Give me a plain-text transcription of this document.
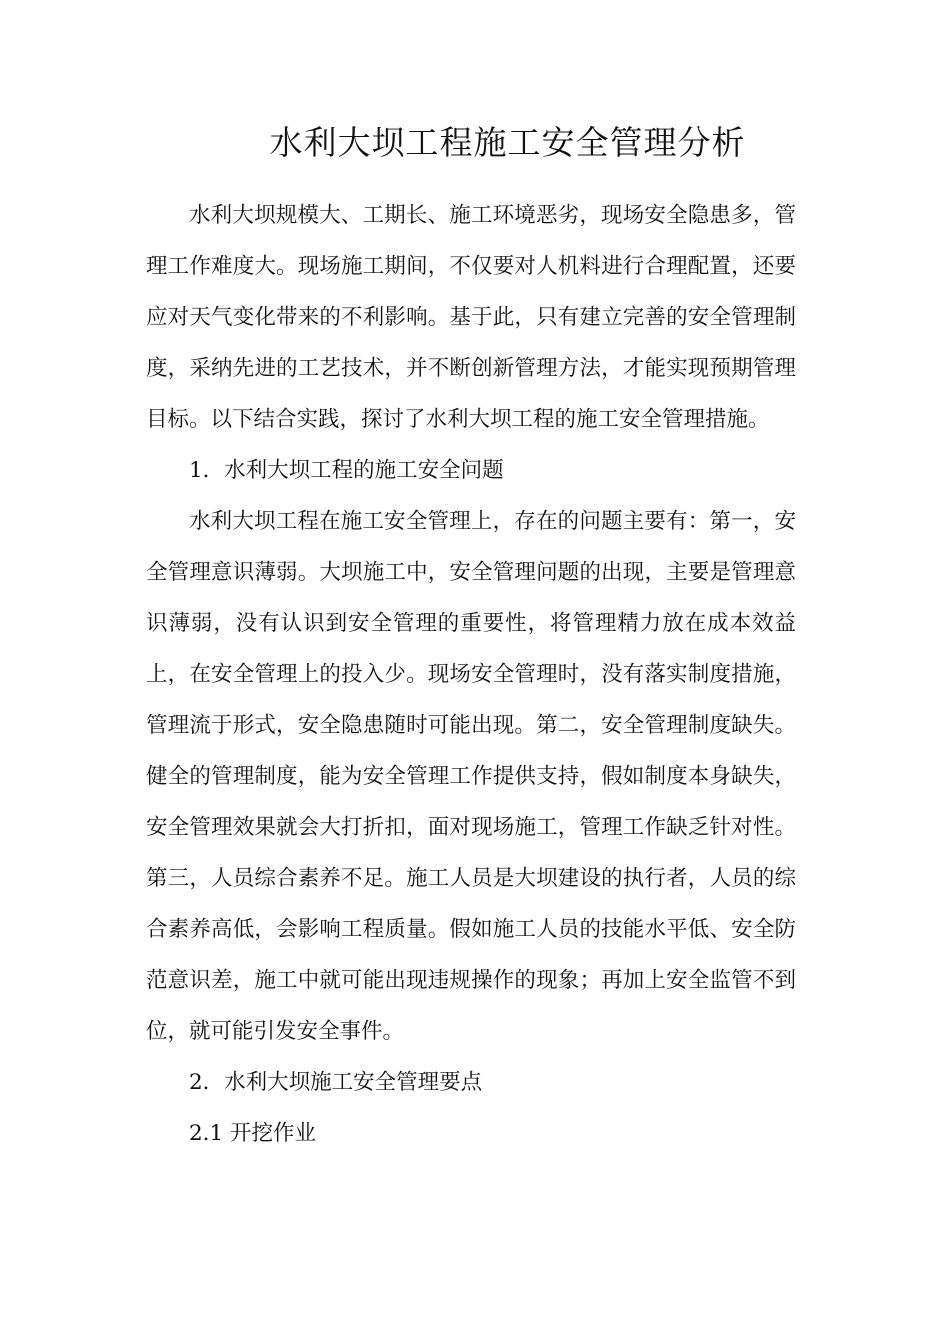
水利大坝工程施工安全管理分析

水利大坝规模大、工期长、施工环境恶劣，现场安全隐患多，管理工作难度大。现场施工期间，不仅要对人机料进行合理配置，还要应对天气变化带来的不利影响。基于此，只有建立完善的安全管理制度，采纳先进的工艺技术，并不断创新管理方法，才能实现预期管理目标。以下结合实践，探讨了水利大坝工程的施工安全管理措施。

1．水利大坝工程的施工安全问题

水利大坝工程在施工安全管理上，存在的问题主要有：第一，安全管理意识薄弱。大坝施工中，安全管理问题的出现，主要是管理意识薄弱，没有认识到安全管理的重要性，将管理精力放在成本效益上，在安全管理上的投入少。现场安全管理时，没有落实制度措施，管理流于形式，安全隐患随时可能出现。第二，安全管理制度缺失。健全的管理制度，能为安全管理工作提供支持，假如制度本身缺失，安全管理效果就会大打折扣，面对现场施工，管理工作缺乏针对性。第三，人员综合素养不足。施工人员是大坝建设的执行者，人员的综合素养高低，会影响工程质量。假如施工人员的技能水平低、安全防范意识差，施工中就可能出现违规操作的现象；再加上安全监管不到位，就可能引发安全事件。

2．水利大坝施工安全管理要点

2.1 开挖作业
